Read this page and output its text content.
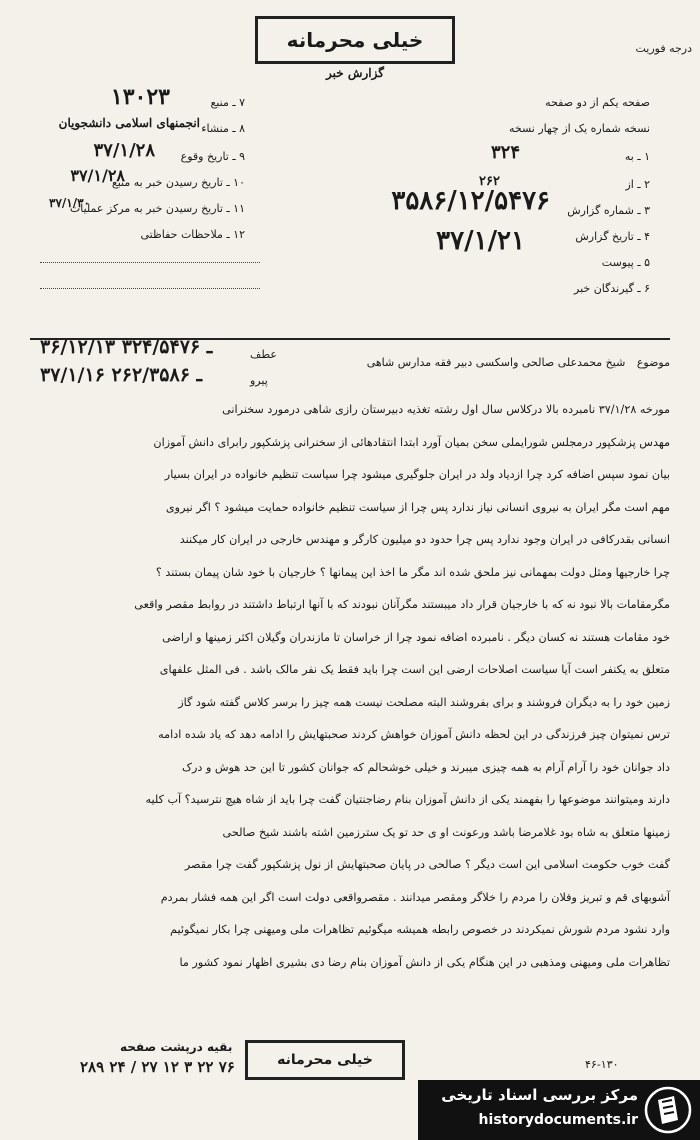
خیلی محرمانه
گزارش خبر
درجه فوریت
صفحه یکم از دو صفحه
نسخه شماره یک از چهار نسخه
۱ ـ به
۳۲۴
۲ ـ از
۲۶۲
۳ ـ شماره گزارش
۳۵۸۶/۱۲/۵۴۷۶
۴ ـ تاریخ گزارش
۳۷/۱/۲۱
۵ ـ پیوست
۶ ـ گیرندگان خبر
۷ ـ منبع
۱۳۰۲۳
۸ ـ منشاء
انجمنهای اسلامی دانشجویان
۹ ـ تاریخ وقوع
۳۷/۱/۲۸
۱۰ ـ تاریخ رسیدن خبر به منبع
۳۷/۱/۲۸
۱۱ ـ تاریخ رسیدن خبر به مرکز عملیات
۳۷/۱/۳۰
۱۲ ـ ملاحظات حفاظتی
موضوع شیخ محمدعلی صالحی واسکسی دبیر فقه مدارس شاهی
عطف
۳۶/۱۲/۱۳ ـ ۳۲۴/۵۴۷۶
پیرو
۳۷/۱/۱۶ ـ ۲۶۲/۳۵۸۶

مورخه ۳۷/۱/۲۸ نامبرده بالا درکلاس سال اول رشته تغذیه دبیرستان رازی شاهی درمورد سخنرانی

مهدس پزشکپور درمجلس شورایملی سخن بمیان آورد ابتدا انتقادهائی از سخنرانی پزشکپور رابرای دانش آموزان

بیان نمود سپس اضافه کرد چرا ازدیاد ولد در ایران جلوگیری میشود چرا سیاست تنظیم خانواده در ایران بسیار

مهم است مگر ایران به نیروی انسانی نیاز ندارد پس چرا از سیاست تنظیم خانواده حمایت میشود ؟ اگر نیروی

انسانی بقدرکافی در ایران وجود ندارد پس چرا حدود دو میلیون کارگر و مهندس خارجی در ایران کار میکنند

چرا خارجیها ومثل دولت بمهمانی نیز ملحق شده اند مگر ما اخذ این پیمانها ؟ خارجیان با خود شان پیمان بستند ؟

مگرمقامات بالا نبود نه که با خارجیان قرار داد میبستند مگرآنان نبودند که با آنها ارتباط داشتند در روابط مقصر واقعی

خود مقامات هستند نه کسان دیگر . نامبرده اضافه نمود چرا از خراسان تا مازندران وگیلان اکثر زمینها و اراضی

متعلق به یکنفر است آیا سیاست اصلاحات ارضی این است چرا باید فقط یک نفر مالک باشد . فی المثل علفهای

زمین خود را به دیگران فروشند و برای بفروشند البته مصلحت نیست همه چیز را برسر کلاس گفته شود گاز

ترس نمیتوان چیز فرزندگی در این لحظه دانش آموزان خواهش کردند صحبتهایش را ادامه دهد که یاد شده ادامه

داد جوانان خود را آرام آرام به همه چیزی میبرند و خیلی خوشحالم که جوانان کشور تا این حد هوش و درک

دارند ومیتوانند موضوعها را بفهمند یکی از دانش آموزان بنام رضاجنتیان گفت چرا باید از شاه هیچ نترسید؟ آب کلیه

زمینها متعلق به شاه بود غلامرضا باشد ورعونت او ی حد تو یک سترزمین اشته باشند شیخ صالحی

گفت خوب حکومت اسلامی این است دیگر ؟ صالحی در پایان صحبتهایش از نول پزشکپور گفت چرا مقصر

آشوبهای قم و تبریز وفلان را مردم را خلاگر ومقصر میدانند . مقصرواقعی دولت است اگر این همه فشار بمردم

وارد نشود مردم شورش نمیکردند در خصوص رابطه همیشه میگوئیم تظاهرات ملی ومیهنی چرا بکار نمیگوئیم

تظاهرات ملی ومیهنی ومذهبی در این هنگام یکی از دانش آموزان بنام رضا دی بشیری اظهار نمود کشور ما

بقیه درپشت صفحه
۲۸۹ ۲۴ / ۲۷ ۱۲ ۳ ۲۲ ۷۶	خیلی محرمانه	۴۶-۱۳۰
مرکز بررسی اسناد تاریخی
historydocuments.ir
